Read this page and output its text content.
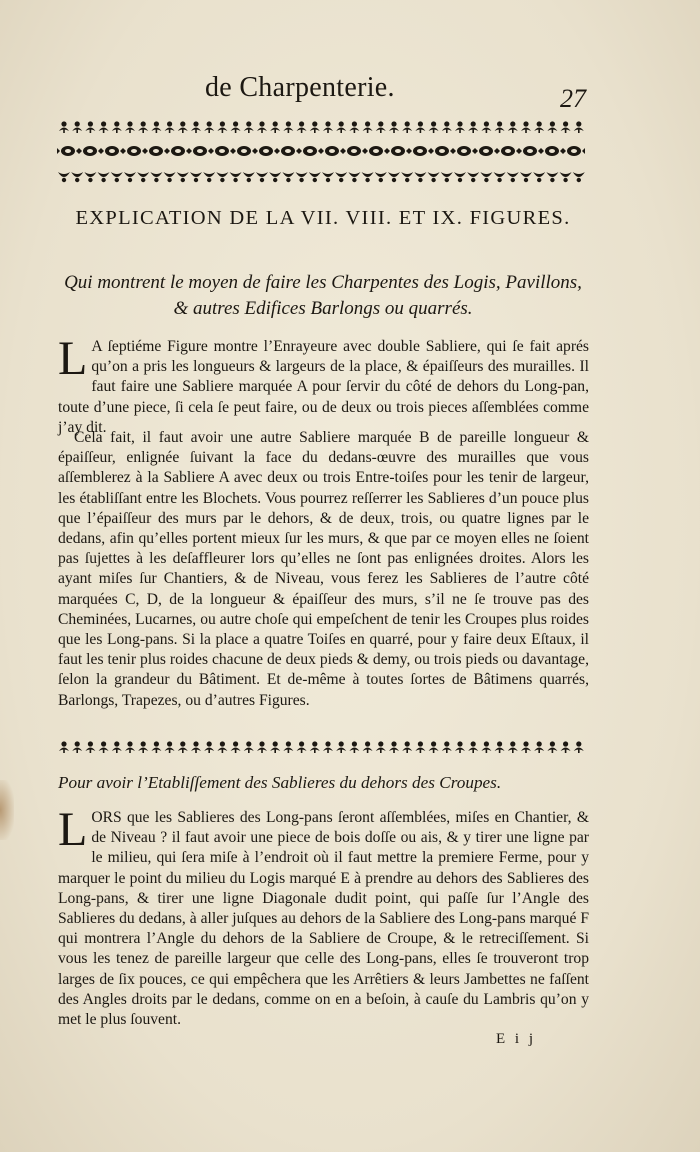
de Charpenterie.	27
EXPLICATION DE LA VII. VIII. ET IX. FIGURES.
Qui montrent le moyen de faire les Charpentes des Logis, Pavillons, & autres Edifices Barlongs ou quarrés.

L A ſeptiéme Figure montre l’Enrayeure avec double Sabliere, qui ſe fait aprés qu’on a pris les longueurs & largeurs de la place, & épaiſſeurs des murailles. Il faut faire une Sabliere marquée A pour ſervir du côté de dehors du Long-pan, toute d’une piece, ſi cela ſe peut faire, ou de deux ou trois pieces aſſemblées comme j’ay dit.

Cela fait, il faut avoir une autre Sabliere marquée B de pareille longueur & épaiſſeur, enlignée ſuivant la face du dedans-œuvre des murailles que vous aſſemblerez à la Sabliere A avec deux ou trois Entre-toiſes pour les tenir de largeur, les établiſſant entre les Blochets. Vous pourrez reſſerrer les Sablieres d’un pouce plus que l’épaiſſeur des murs par le dehors, & de deux, trois, ou quatre lignes par le dedans, afin qu’elles portent mieux ſur les murs, & que par ce moyen elles ne ſoient pas ſujettes à les deſaffleurer lors qu’elles ne ſont pas enlignées droites. Alors les ayant miſes ſur Chantiers, & de Niveau, vous ferez les Sablieres de l’autre côté marquées C, D, de la longueur & épaiſſeur des murs, s’il ne ſe trouve pas des Cheminées, Lucarnes, ou autre choſe qui empeſchent de tenir les Croupes plus roides que les Long-pans. Si la place a quatre Toiſes en quarré, pour y faire deux Eſtaux, il faut les tenir plus roides chacune de deux pieds & demy, ou trois pieds ou davantage, ſelon la grandeur du Bâtiment. Et de-même à toutes ſortes de Bâtimens quarrés, Barlongs, Trapezes, ou d’autres Figures.

Pour avoir l’Etabliſſement des Sablieres du dehors des Croupes.

LORS que les Sablieres des Long-pans ſeront aſſemblées, miſes en Chantier, & de Niveau ? il faut avoir une piece de bois doſſe ou ais, & y tirer une ligne par le milieu, qui ſera miſe à l’endroit où il faut mettre la premiere Ferme, pour y marquer le point du milieu du Logis marqué E à prendre au dehors des Sablieres des Long-pans, & tirer une ligne Diagonale dudit point, qui paſſe ſur l’Angle des Sablieres du dedans, à aller juſques au dehors de la Sabliere des Long-pans marqué F qui montrera l’Angle du dehors de la Sabliere de Croupe, & le retreciſſement. Si vous les tenez de pareille largeur que celle des Long-pans, elles ſe trouveront trop larges de ſix pouces, ce qui empêchera que les Arrêtiers & leurs Jambettes ne faſſent des Angles droits par le dedans, comme on en a beſoin, à cauſe du Lambris qu’on y met le plus ſouvent.

E i j
